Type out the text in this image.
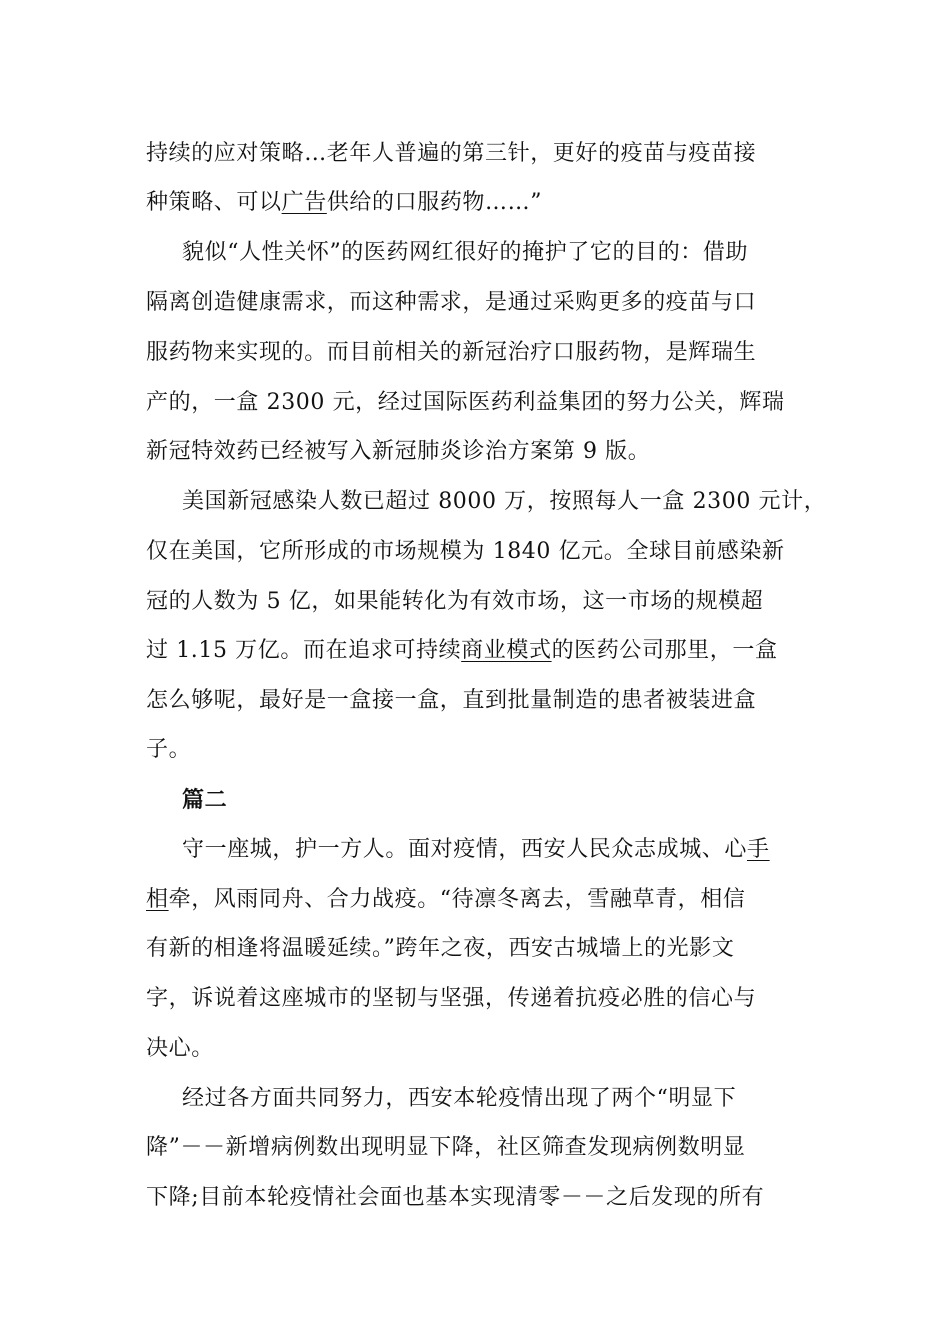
持续的应对策略…老年人普遍的第三针，更好的疫苗与疫苗接
种策略、可以广告供给的口服药物……”
貌似“人性关怀”的医药网红很好的掩护了它的目的：借助
隔离创造健康需求，而这种需求，是通过采购更多的疫苗与口
服药物来实现的。而目前相关的新冠治疗口服药物，是辉瑞生
产的，一盒 2300 元，经过国际医药利益集团的努力公关，辉瑞
新冠特效药已经被写入新冠肺炎诊治方案第 9 版。
美国新冠感染人数已超过 8000 万，按照每人一盒 2300 元计，
仅在美国，它所形成的市场规模为 1840 亿元。全球目前感染新
冠的人数为 5 亿，如果能转化为有效市场，这一市场的规模超
过 1.15 万亿。而在追求可持续商业模式的医药公司那里，一盒
怎么够呢，最好是一盒接一盒，直到批量制造的患者被装进盒
子。
篇二
守一座城，护一方人。面对疫情，西安人民众志成城、心手
相牵，风雨同舟、合力战疫。“待凛冬离去，雪融草青，相信
有新的相逢将温暖延续。”跨年之夜，西安古城墙上的光影文
字，诉说着这座城市的坚韧与坚强，传递着抗疫必胜的信心与
决心。
经过各方面共同努力，西安本轮疫情出现了两个“明显下
降”－－新增病例数出现明显下降，社区筛查发现病例数明显
下降;目前本轮疫情社会面也基本实现清零－－之后发现的所有
